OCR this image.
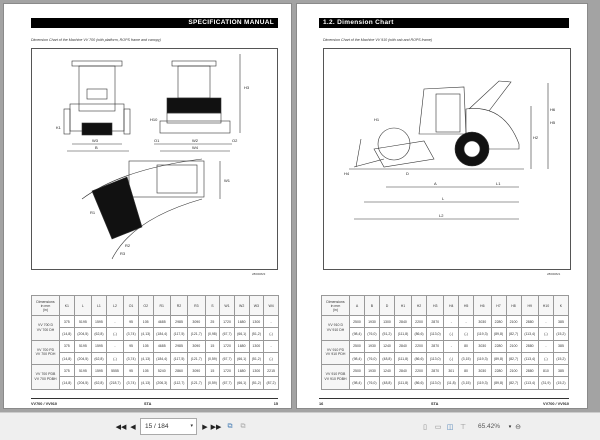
SPECIFICATION MANUAL
Dimension Chart of the Machine VV 700 (with platform, ROPS frame and canopy)
K1
W3
B
H10
O1	W2	O2
W4
H3
W1
R1
R2
R3
28600823
Dimensions
in mm
(in)	K1	L	L1	L2	O1	O2	R1	R2	R3	S	W1	W2	W3	W4

VV 700 D
VV 700 DH	375	5195	1595	-	95	105	4685	2985	3090	25	1720	1680	1300	-
	(14,8)	(204,5)	(62,8)	(-)	(3,74)	(4,13)	(184,4)	(117,5)	(121,7)	(0,98)	(67,7)	(66,1)	(51,2)	(-)

VV 700 PD
VV 700 PDH	375	5195	1595	-	95	105	4685	2985	3090	15	1720	1680	1300	-
	(14,8)	(204,5)	(62,8)	(-)	(3,74)	(4,13)	(184,4)	(117,5)	(121,7)	(0,59)	(67,7)	(66,1)	(51,2)	(-)

VV 700 PDB
VV 700 PDBH	375	5195	1595	5555	95	105	5240	2860	3090	15	1720	1680	1300	2215
	(14,8)	(204,5)	(62,8)	(218,7)	(3,74)	(4,13)	(206,3)	(112,7)	(121,7)	(0,59)	(67,7)	(66,1)	(51,2)	(87,2)
VV700 / VV910	STA	15
1.2. Dimension Chart
Dimension Chart of the Machine VV 910 (with cab and ROPS frame)
H5
H6
H2
H4
H1
D
A	L1
L
L2
28600821
Dimensions
in mm
(in)	A	B	D	H1	H2	H3	H4	H5	H6	H7	H8	H9	H10	K

VV 910 D
VV 910 DH	2500	1930	1300	2840	2200	2870	-	-	3030	2280	2100	2880	-	385
	(98,4)	(76,0)	(51,2)	(111,8)	(86,6)	(113,0)	(-)	(-)	(119,3)	(89,8)	(82,7)	(113,4)	(-)	(15,2)

VV 910 PD
VV 910 PDH	2500	1930	1240	2840	2200	2870	-	80	3030	2280	2100	2880	-	385
	(98,4)	(76,0)	(48,8)	(111,8)	(86,6)	(113,0)	(-)	(3,15)	(119,3)	(89,8)	(82,7)	(113,4)	(-)	(15,2)

VV 910 PDB
VV 910 PDBH	2500	1930	1240	2840	2200	2870	301	80	3030	2280	2100	2880	810	385
	(98,4)	(76,0)	(48,8)	(111,8)	(86,6)	(113,0)	(11,8)	(3,15)	(119,3)	(89,8)	(82,7)	(113,4)	(31,9)	(15,2)
16	STA	VV700 / VV910
◀◀ ◀	15 / 184	▾	▶ ▶▶ ⧉	⧉	▯	▭ ◫ ⊤	65.42%	▾ ⊖
